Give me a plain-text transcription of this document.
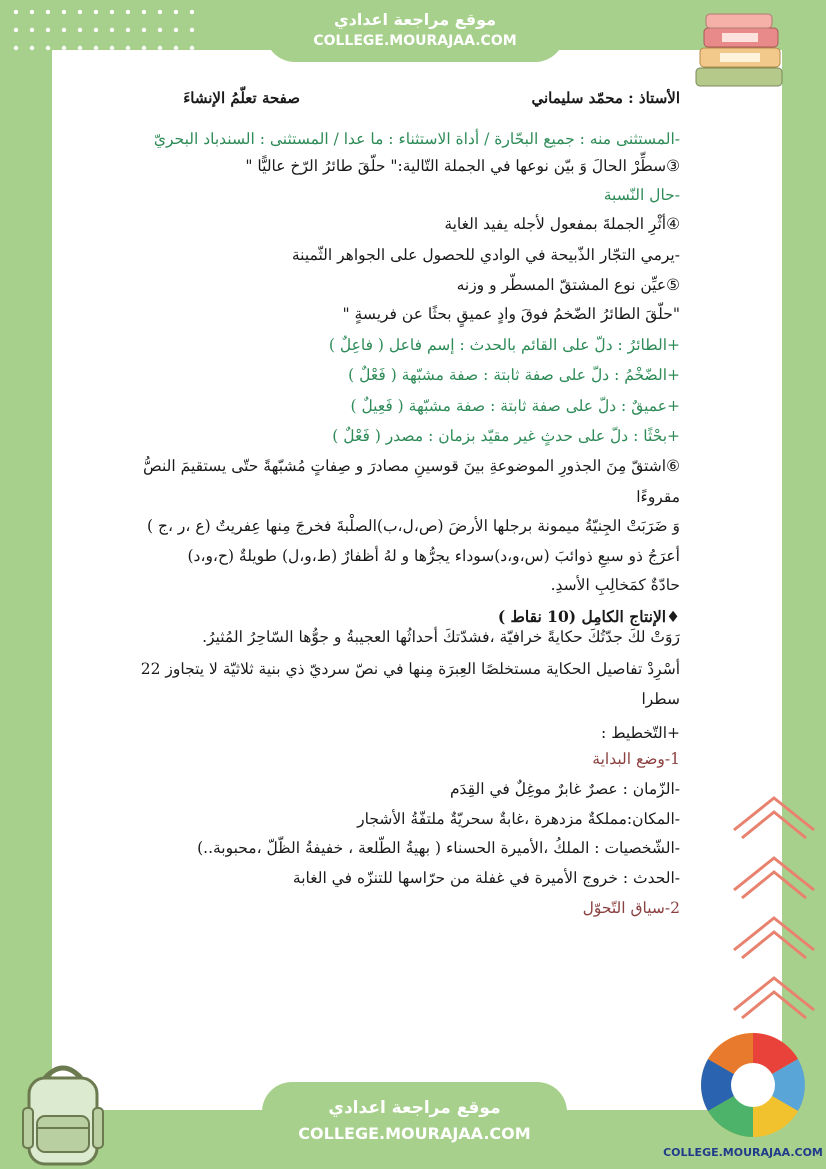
موقع مراجعة اعدادي
COLLEGE.MOURAJAA.COM
الأستاذ : محمّد سليماني
صفحة تعلّمُ الإنشاءَ
-المستثنى منه : جميع البحّارة / أداة الاستثناء : ما عدا / المستثنى : السندباد البحريّ
③سطِّرْ الحالَ وَ بيّن نوعها في الجملة التّالية:" حلّقَ طائرُ الرّخ عاليًّا "
-حال النّسبة
④أثْرِ الجملةَ بمفعول لأجله يفيد الغاية
-يرمي التجّار الذّبيحة في الوادي للحصول على الجواهر الثّمينة
⑤عيِّن نوع المشتقّ المسطّر و وزنه
"حلّقَ الطائرُ الضّخمُ فوقَ وادٍ عميقٍ بحثًا عن فريسةٍ "
+الطائرُ : دلّ على القائم بالحدث : إسم فاعل ( فاعِلٌ )
+الضّخْمُ : دلّ على صفة ثابتة : صفة مشبّهة ( فَعْلٌ )
+عميقٌ : دلّ على صفة ثابتة : صفة مشبّهة ( فَعِيلٌ )
+بحْثًا : دلّ على حدثٍ غير مقيّد بزمان : مصدر ( فَعْلٌ )
⑥اشتقّ مِنَ الجذورِ الموضوعةِ بينَ قوسينِ مصادرَ و صِفاتٍ مُشبّهةً حتّى يستقيمَ النصُّ
مقروءًا
وَ ضَرَبَتْ الجِنيّةُ ميمونة برجلها الأرضَ (ص،ل،ب)الصلْبةَ فخرجَ مِنها عِفريتٌ (ع ،ر ،ج )
أعرَجُ ذو سبعِ ذوائبَ (س،و،د)سوداء يجرُّها و لهُ أظفارٌ (ط،و،ل) طويلةٌ (ح،و،د)
حادّةٌ كمَخالِبِ الأسدِ.
♦الإنتاج الكامِل (10 نقاط )
رَوَتْ لكَ جدّتُكَ حكايةً خرافيّة ،فشدّتكَ أحداثُها العجيبةُ و جوُّها السّاحِرُ المُثيرُ.
أسْرِدْ تفاصيل الحكاية مستخلصًا العِبرَة مِنها في نصّ سرديّ ذي بنية ثلاثيّة لا يتجاوز 22
سطرا
+التّخطيط :
1-وضع البداية
-الزّمان : عصرٌ غابرٌ موغِلٌ في القِدَم
-المكان:مملكةٌ مزدهرة ،غابةٌ سحريّةٌ ملتفّةُ الأشجار
-الشّخصيات : الملكُ ،الأميرة الحسناء ( بهيةُ الطّلعة ، خفيفةُ الظّلّ ،محبوبة..)
-الحدث : خروج الأميرة في غفلة من حرّاسها للتنزّه في الغابة
2-سياق التّحوّل
موقع مراجعة اعدادي
COLLEGE.MOURAJAA.COM
COLLEGE.MOURAJAA.COM
